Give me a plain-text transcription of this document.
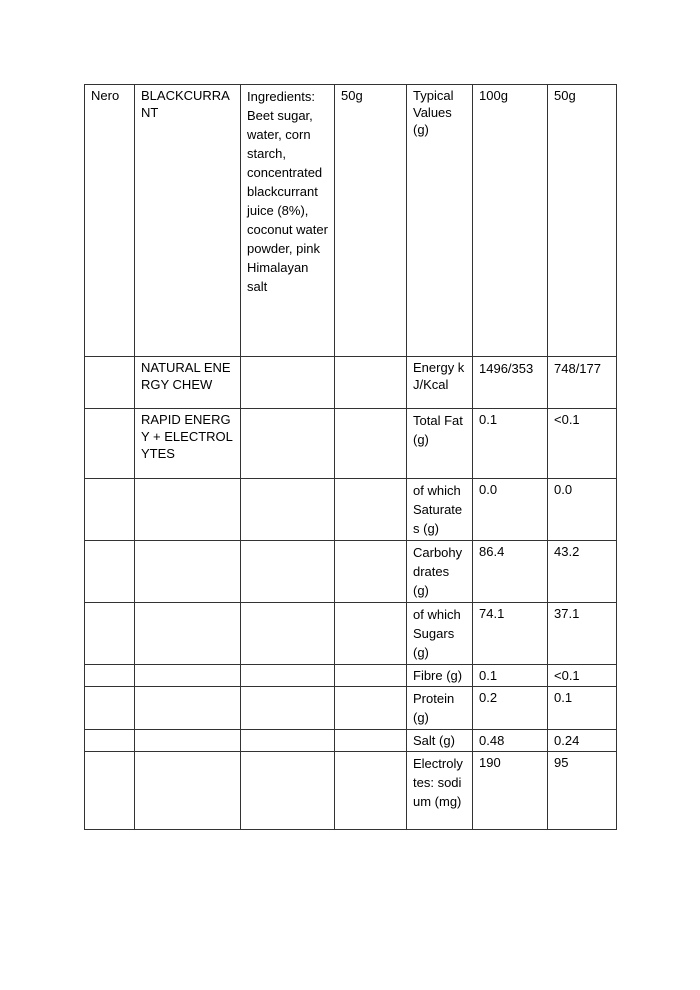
Nero	BLACKCURRANT	Ingredients: Beet sugar, water, corn starch, concentrated blackcurrant juice (8%), coconut water powder, pink Himalayan salt	50g	Typical Values (g)	100g	50g
	NATURAL ENERGY CHEW			Energy kJ/Kcal	1496/353	748/177
	RAPID ENERGY + ELECTROLYTES			Total Fat (g)	0.1	<0.1
				of which Saturates (g)	0.0	0.0
				Carbohydrates (g)	86.4	43.2
				of which Sugars (g)	74.1	37.1
				Fibre (g)	0.1	<0.1
				Protein (g)	0.2	0.1
				Salt (g)	0.48	0.24
				Electrolytes: sodium (mg)	190	95
